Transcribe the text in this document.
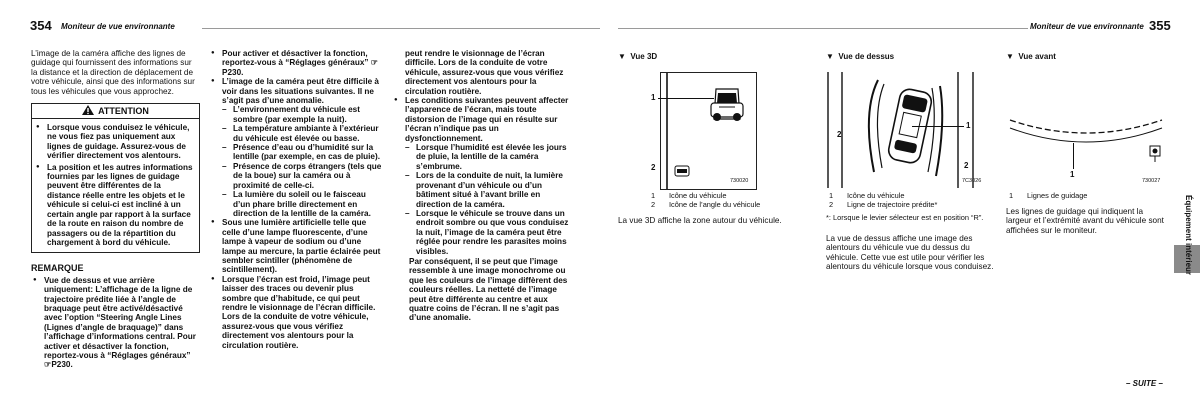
354 Moniteur de vue environnante
L’image de la caméra affiche des lignes de guidage qui fournissent des informations sur la distance et la direction de déplacement de votre véhicule, ainsi que des informations sur tous les véhicules que vous approchez.
ATTENTION
● Lorsque vous conduisez le véhicule, ne vous fiez pas uniquement aux lignes de guidage. Assurez-vous de vérifier directement vos alentours.
● La position et les autres informations fournies par les lignes de guidage peuvent être différentes de la distance réelle entre les objets et le véhicule si celui-ci est incliné à un certain angle par rapport à la surface de la route en raison du nombre de passagers ou de la répartition du chargement à bord du véhicule.
REMARQUE
● Vue de dessus et vue arrière uniquement: L’affichage de la ligne de trajectoire prédite liée à l’angle de braquage peut être activé/désactivé avec l’option “Steering Angle Lines (Lignes d’angle de braquage)” dans l’affichage d’informations central. Pour activer et désactiver la fonction, reportez-vous à “Réglages généraux” ☞P230.
● Pour activer et désactiver la fonction, reportez-vous à “Réglages généraux” ☞P230.
● L’image de la caméra peut être difficile à voir dans les situations suivantes. Il ne s’agit pas d’une anomalie.
– L’environnement du véhicule est sombre (par exemple la nuit).
– La température ambiante à l’extérieur du véhicule est élevée ou basse.
– Présence d’eau ou d’humidité sur la lentille (par exemple, en cas de pluie).
– Présence de corps étrangers (tels que de la boue) sur la caméra ou à proximité de celle-ci.
– La lumière du soleil ou le faisceau d’un phare brille directement en direction de la lentille de la caméra.
● Sous une lumière artificielle telle que celle d’une lampe fluorescente, d’une lampe à vapeur de sodium ou d’une lampe au mercure, la partie éclairée peut sembler scintiller (phénomène de scintillement).
● Lorsque l’écran est froid, l’image peut laisser des traces ou devenir plus sombre que d’habitude, ce qui peut rendre le visionnage de l’écran difficile. Lors de la conduite de votre véhicule, assurez-vous que vous vérifiez directement vos alentours pour la circulation routière.
peut rendre le visionnage de l’écran difficile. Lors de la conduite de votre véhicule, assurez-vous que vous vérifiez directement vos alentours pour la circulation routière.
● Les conditions suivantes peuvent affecter l’apparence de l’écran, mais toute distorsion de l’image qui en résulte sur l’écran n’indique pas un dysfonctionnement.
– Lorsque l’humidité est élevée les jours de pluie, la lentille de la caméra s’embrume.
– Lors de la conduite de nuit, la lumière provenant d’un véhicule ou d’un bâtiment situé à l’avant brille en direction de la caméra.
– Lorsque le véhicule se trouve dans un endroit sombre ou que vous conduisez la nuit, l’image de la caméra peut être réglée pour rendre les parasites moins visibles.
Par conséquent, il se peut que l’image ressemble à une image monochrome ou que les couleurs de l’image diffèrent des couleurs réelles. La netteté de l’image peut être différente au centre et aux quatre coins de l’écran. Il ne s’agit pas d’une anomalie.
Moniteur de vue environnante 355
▼ Vue 3D
1
2
730020
1 Icône du véhicule
2 Icône de l’angle du véhicule
La vue 3D affiche la zone autour du véhicule.
▼ Vue de dessus
1
2
2
7C3026
1 Icône du véhicule
2 Ligne de trajectoire prédite*
*: Lorsque le levier sélecteur est en position “R”.
La vue de dessus affiche une image des alentours du véhicule vue du dessus du véhicule. Cette vue est utile pour vérifier les alentours du véhicule lorsque vous conduisez.
▼ Vue avant
1
730027
1 Lignes de guidage
Les lignes de guidage qui indiquent la largeur et l’extrémité avant du véhicule sont affichées sur le moniteur.	Équipement intérieur
– SUITE –
